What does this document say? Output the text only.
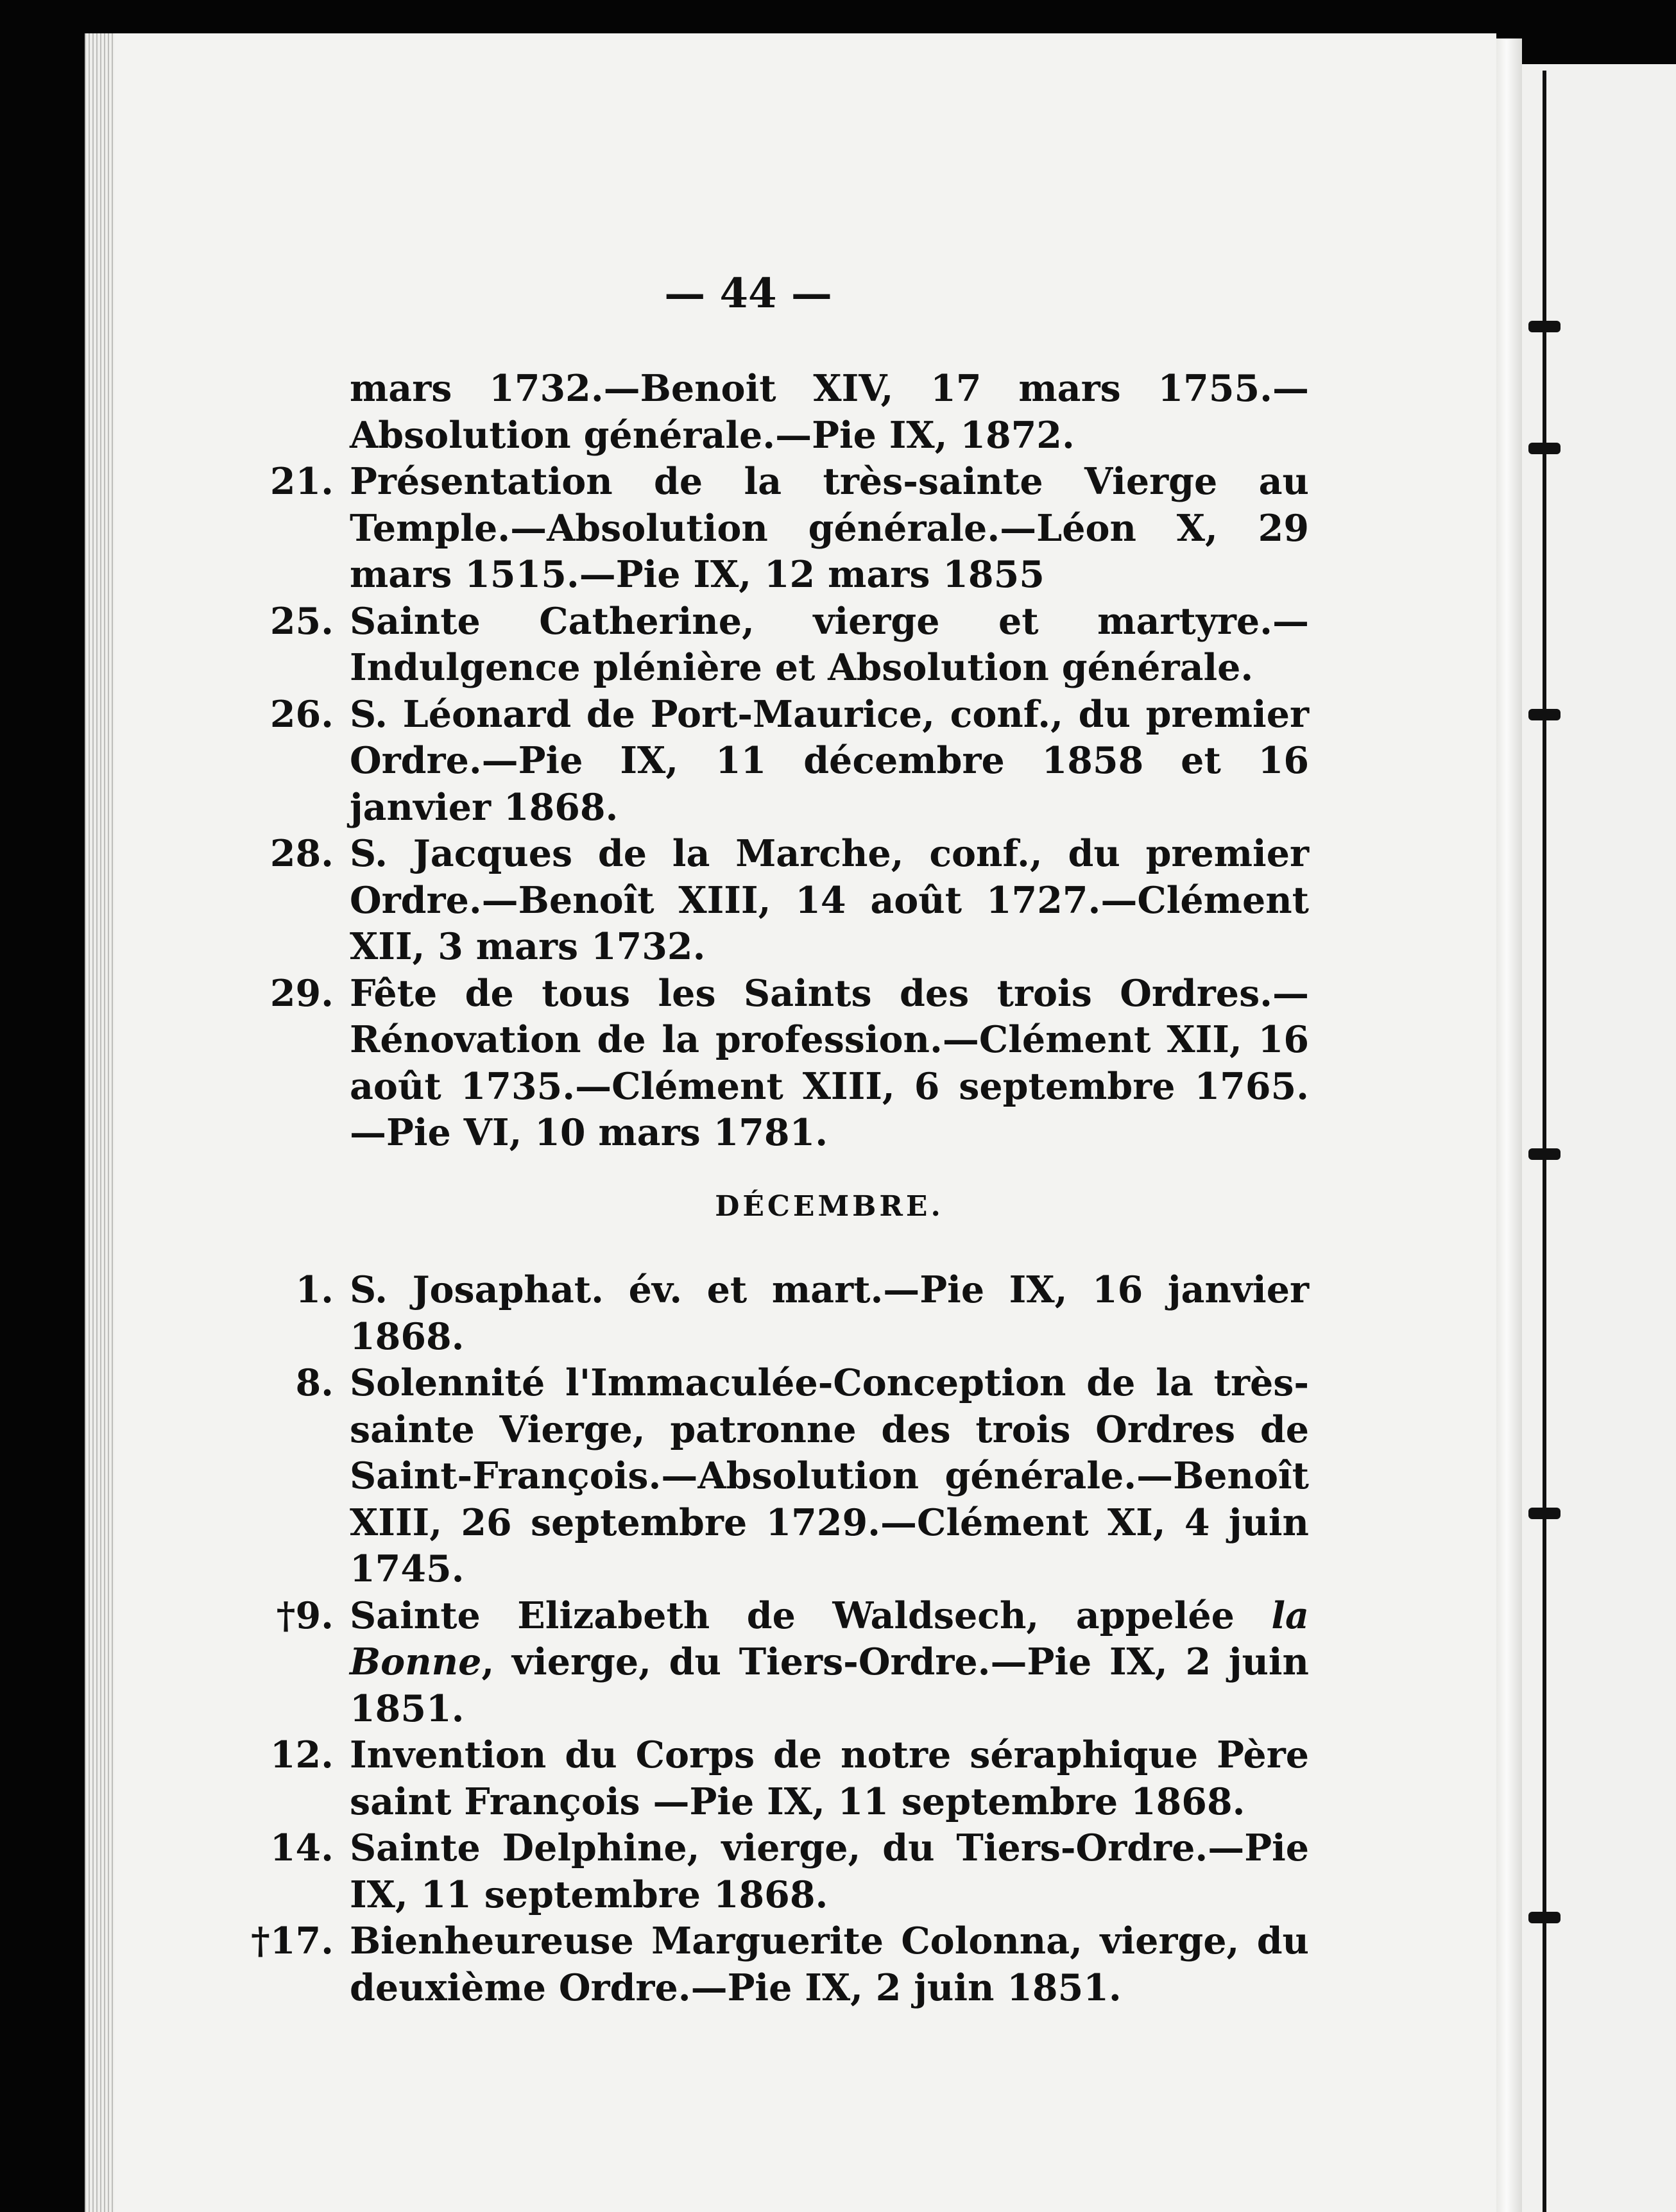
— 44 —
mars 1732.—Benoit XIV, 17 mars 1755.—Absolution générale.—Pie IX, 1872.
21. Présentation de la très-sainte Vierge au Temple.—Absolution générale.—Léon X, 29 mars 1515.—Pie IX, 12 mars 1855
25. Sainte Catherine, vierge et martyre.—Indulgence plénière et Absolution générale.
26. S. Léonard de Port-Maurice, conf., du premier Ordre.—Pie IX, 11 décembre 1858 et 16 janvier 1868.
28. S. Jacques de la Marche, conf., du premier Ordre.—Benoît XIII, 14 août 1727.—Clément XII, 3 mars 1732.
29. Fête de tous les Saints des trois Ordres.—Rénovation de la profession.—Clément XII, 16 août 1735.—Clément XIII, 6 septembre 1765.—Pie VI, 10 mars 1781.
DÉCEMBRE.
1. S. Josaphat. év. et mart.—Pie IX, 16 janvier 1868.
8. Solennité l'Immaculée-Conception de la très-sainte Vierge, patronne des trois Ordres de Saint-François.—Absolution générale.—Benoît XIII, 26 septembre 1729.—Clément XI, 4 juin 1745.
†9. Sainte Elizabeth de Waldsech, appelée la Bonne, vierge, du Tiers-Ordre.—Pie IX, 2 juin 1851.
12. Invention du Corps de notre séraphique Père saint François —Pie IX, 11 septembre 1868.
14. Sainte Delphine, vierge, du Tiers-Ordre.—Pie IX, 11 septembre 1868.
†17. Bienheureuse Marguerite Colonna, vierge, du deuxième Ordre.—Pie IX, 2 juin 1851.
